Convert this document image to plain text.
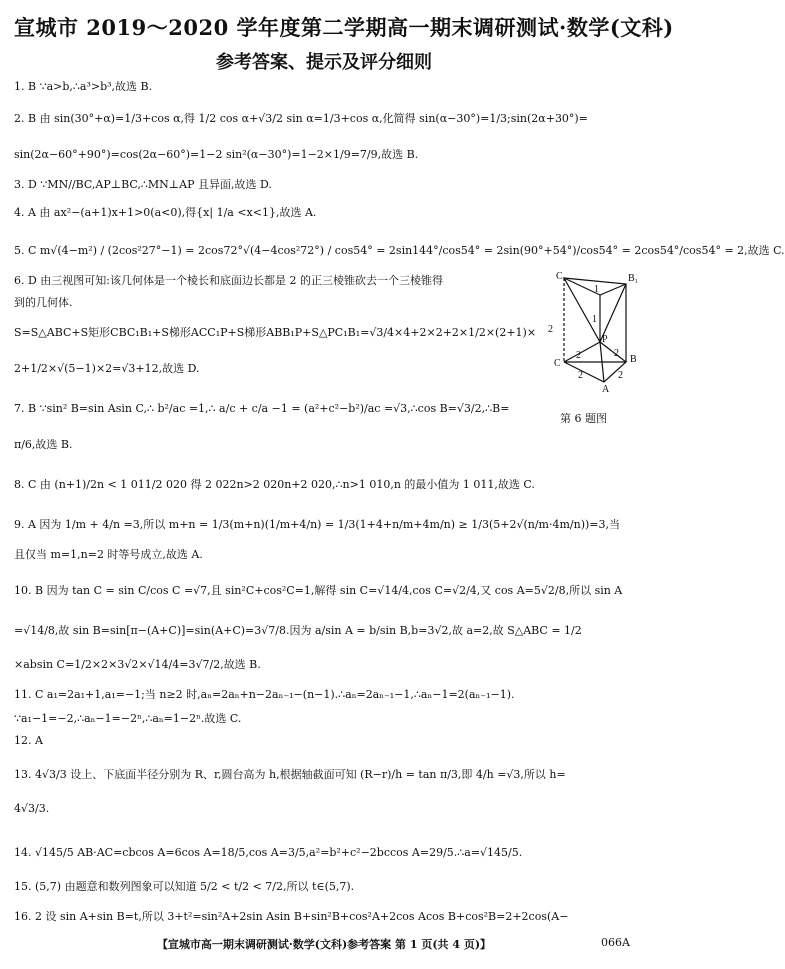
宣城市 2019～2020 学年度第二学期高一期末调研测试·数学(文科)
参考答案、提示及评分细则
1. B ∵a>b,∴a³>b³,故选 B.
2. B 由 sin(30°+α)=1/3+cos α,得 1/2 cos α+√3/2 sin α=1/3+cos α,化简得 sin(α−30°)=1/3;sin(2α+30°)=
sin(2α−60°+90°)=cos(2α−60°)=1−2 sin²(α−30°)=1−2×1/9=7/9,故选 B.
3. D ∵MN//BC,AP⊥BC,∴MN⊥AP 且异面,故选 D.
4. A 由 ax²−(a+1)x+1>0(a<0),得{x| 1/a <x<1},故选 A.
5. C m√(4−m²) / (2cos²27°−1) = 2cos72°√(4−4cos²72°) / cos54° = 2sin144°/cos54° = 2sin(90°+54°)/cos54° = 2cos54°/cos54° = 2,故选 C.
6. D 由三视图可知:该几何体是一个棱长和底面边长都是 2 的正三棱锥砍去一个三棱锥得
到的几何体.
S=S△ABC+S矩形CBC₁B₁+S梯形ACC₁P+S梯形ABB₁P+S△PC₁B₁=√3/4×4+2×2+2×1/2×(2+1)×
2+1/2×√(5−1)×2=√3+12,故选 D.
7. B ∵sin² B=sin Asin C,∴ b²/ac =1,∴ a/c + c/a −1 = (a²+c²−b²)/ac =√3,∴cos B=√3/2,∴B=
π/6,故选 B.
8. C 由 (n+1)/2n < 1 011/2 020 得 2 022n>2 020n+2 020,∴n>1 010,n 的最小值为 1 011,故选 C.
9. A 因为 1/m + 4/n =3,所以 m+n = 1/3(m+n)(1/m+4/n) = 1/3(1+4+n/m+4m/n) ≥ 1/3(5+2√(n/m·4m/n))=3,当
且仅当 m=1,n=2 时等号成立,故选 A.
10. B 因为 tan C = sin C/cos C =√7,且 sin²C+cos²C=1,解得 sin C=√14/4,cos C=√2/4,又 cos A=5√2/8,所以 sin A
=√14/8,故 sin B=sin[π−(A+C)]=sin(A+C)=3√7/8.因为 a/sin A = b/sin B,b=3√2,故 a=2,故 S△ABC = 1/2
×absin C=1/2×2×3√2×√14/4=3√7/2,故选 B.
11. C a₁=2a₁+1,a₁=−1;当 n≥2 时,aₙ=2aₙ+n−2aₙ₋₁−(n−1).∴aₙ=2aₙ₋₁−1,∴aₙ−1=2(aₙ₋₁−1).
∵a₁−1=−2,∴aₙ−1=−2ⁿ,∴aₙ=1−2ⁿ.故选 C.
12. A
13. 4√3/3 设上、下底面半径分别为 R、r,圆台高为 h,根据轴截面可知 (R−r)/h = tan π/3,即 4/h =√3,所以 h=
4√3/3.
14. √145/5 AB·AC=cbcos A=6cos A=18/5,cos A=3/5,a²=b²+c²−2bccos A=29/5.∴a=√145/5.
15. (5,7) 由题意和数列图象可以知道 5/2 < t/2 < 7/2,所以 t∈(5,7).
16. 2 设 sin A+sin B=t,所以 3+t²=sin²A+2sin Asin B+sin²B+cos²A+2cos Acos B+cos²B=2+2cos(A−
C	B₁
1
1
P
2
2	2
2	2
C	B
A
第 6 题图
【宣城市高一期末调研测试·数学(文科)参考答案 第 1 页(共 4 页)】	066A
